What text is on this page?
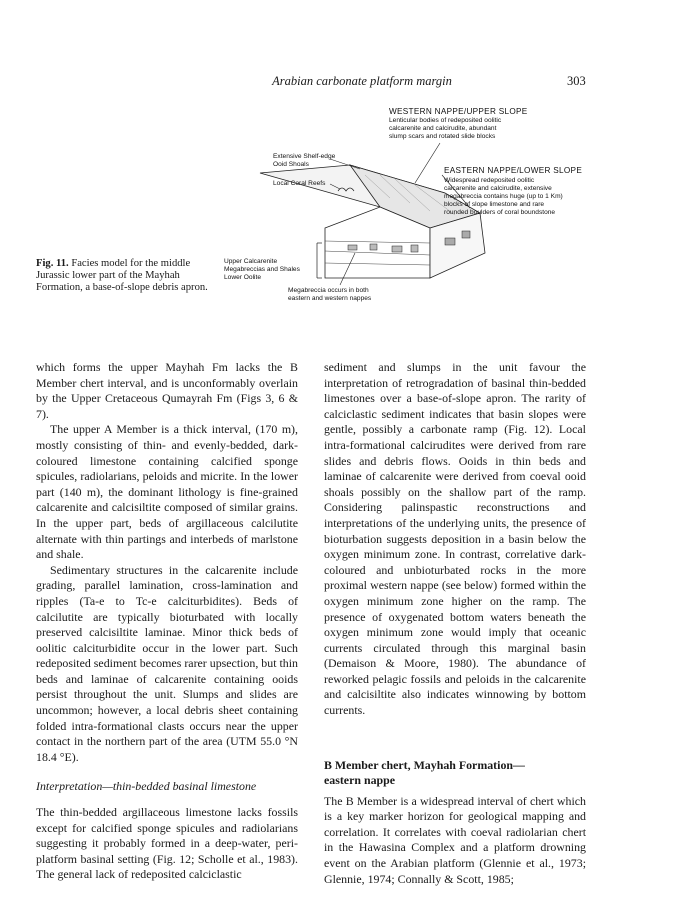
Arabian carbonate platform margin	303
WESTERN NAPPE/UPPER SLOPE
Lenticular bodies of redeposited oolitic
calcarenite and calcirudite, abundant
slump scars and rotated slide blocks
Extensive Shelf-edge
Ooid Shoals
Local Coral Reefs
EASTERN NAPPE/LOWER SLOPE
Widespread redeposited oolitic
calcarenite and calcirudite, extensive
megabreccia contains huge (up to 1 Km)
blocks of slope limestone and rare
rounded boulders of coral boundstone
Upper Calcarenite
Megabreccias and Shales
Lower Oolite
Megabreccia occurs in both
eastern and western nappes
Fig. 11. Facies model for the middle Jurassic lower part of the Mayhah Formation, a base-of-slope debris apron.

which forms the upper Mayhah Fm lacks the B Member chert interval, and is unconformably overlain by the Upper Cretaceous Qumayrah Fm (Figs 3, 6 & 7).

The upper A Member is a thick interval, (170 m), mostly consisting of thin- and evenly-bedded, dark-coloured limestone containing calcified sponge spicules, radiolarians, peloids and micrite. In the lower part (140 m), the dominant lithology is fine-grained calcarenite and calcisiltite composed of similar grains. In the upper part, beds of argillaceous calcilutite alternate with thin partings and interbeds of marlstone and shale.

Sedimentary structures in the calcarenite include grading, parallel lamination, cross-lamination and ripples (Ta-e to Tc-e calciturbidites). Beds of calcilutite are typically bioturbated with locally preserved calcisiltite laminae. Minor thick beds of oolitic calciturbidite occur in the lower part. Such redeposited sediment becomes rarer upsection, but thin beds and laminae of calcarenite containing ooids persist throughout the unit. Slumps and slides are uncommon; however, a local debris sheet containing folded intra-formational clasts occurs near the upper contact in the northern part of the area (UTM 55.0 °N 18.4 °E).

Interpretation—thin-bedded basinal limestone

The thin-bedded argillaceous limestone lacks fossils except for calcified sponge spicules and radiolarians suggesting it probably formed in a deep-water, peri-platform basinal setting (Fig. 12; Scholle et al., 1983). The general lack of redeposited calciclastic

sediment and slumps in the unit favour the interpretation of retrogradation of basinal thin-bedded limestones over a base-of-slope apron. The rarity of calciclastic sediment indicates that basin slopes were gentle, possibly a carbonate ramp (Fig. 12). Local intra-formational calcirudites were derived from rare slides and debris flows. Ooids in thin beds and laminae of calcarenite were derived from coeval ooid shoals possibly on the shallow part of the ramp. Considering palinspastic reconstructions and interpretations of the underlying units, the presence of bioturbation suggests deposition in a basin below the oxygen minimum zone. In contrast, correlative dark-coloured and unbioturbated rocks in the more proximal western nappe (see below) formed within the oxygen minimum zone higher on the ramp. The presence of oxygenated bottom waters beneath the oxygen minimum zone would imply that oceanic currents circulated through this marginal basin (Demaison & Moore, 1980). The abundance of reworked pelagic fossils and peloids in the calcarenite and calcisiltite also indicates winnowing by bottom currents.

B Member chert, Mayhah Formation—
eastern nappe

The B Member is a widespread interval of chert which is a key marker horizon for geological mapping and correlation. It correlates with coeval radiolarian chert in the Hawasina Complex and a platform drowning event on the Arabian platform (Glennie et al., 1973; Glennie, 1974; Connally & Scott, 1985;
